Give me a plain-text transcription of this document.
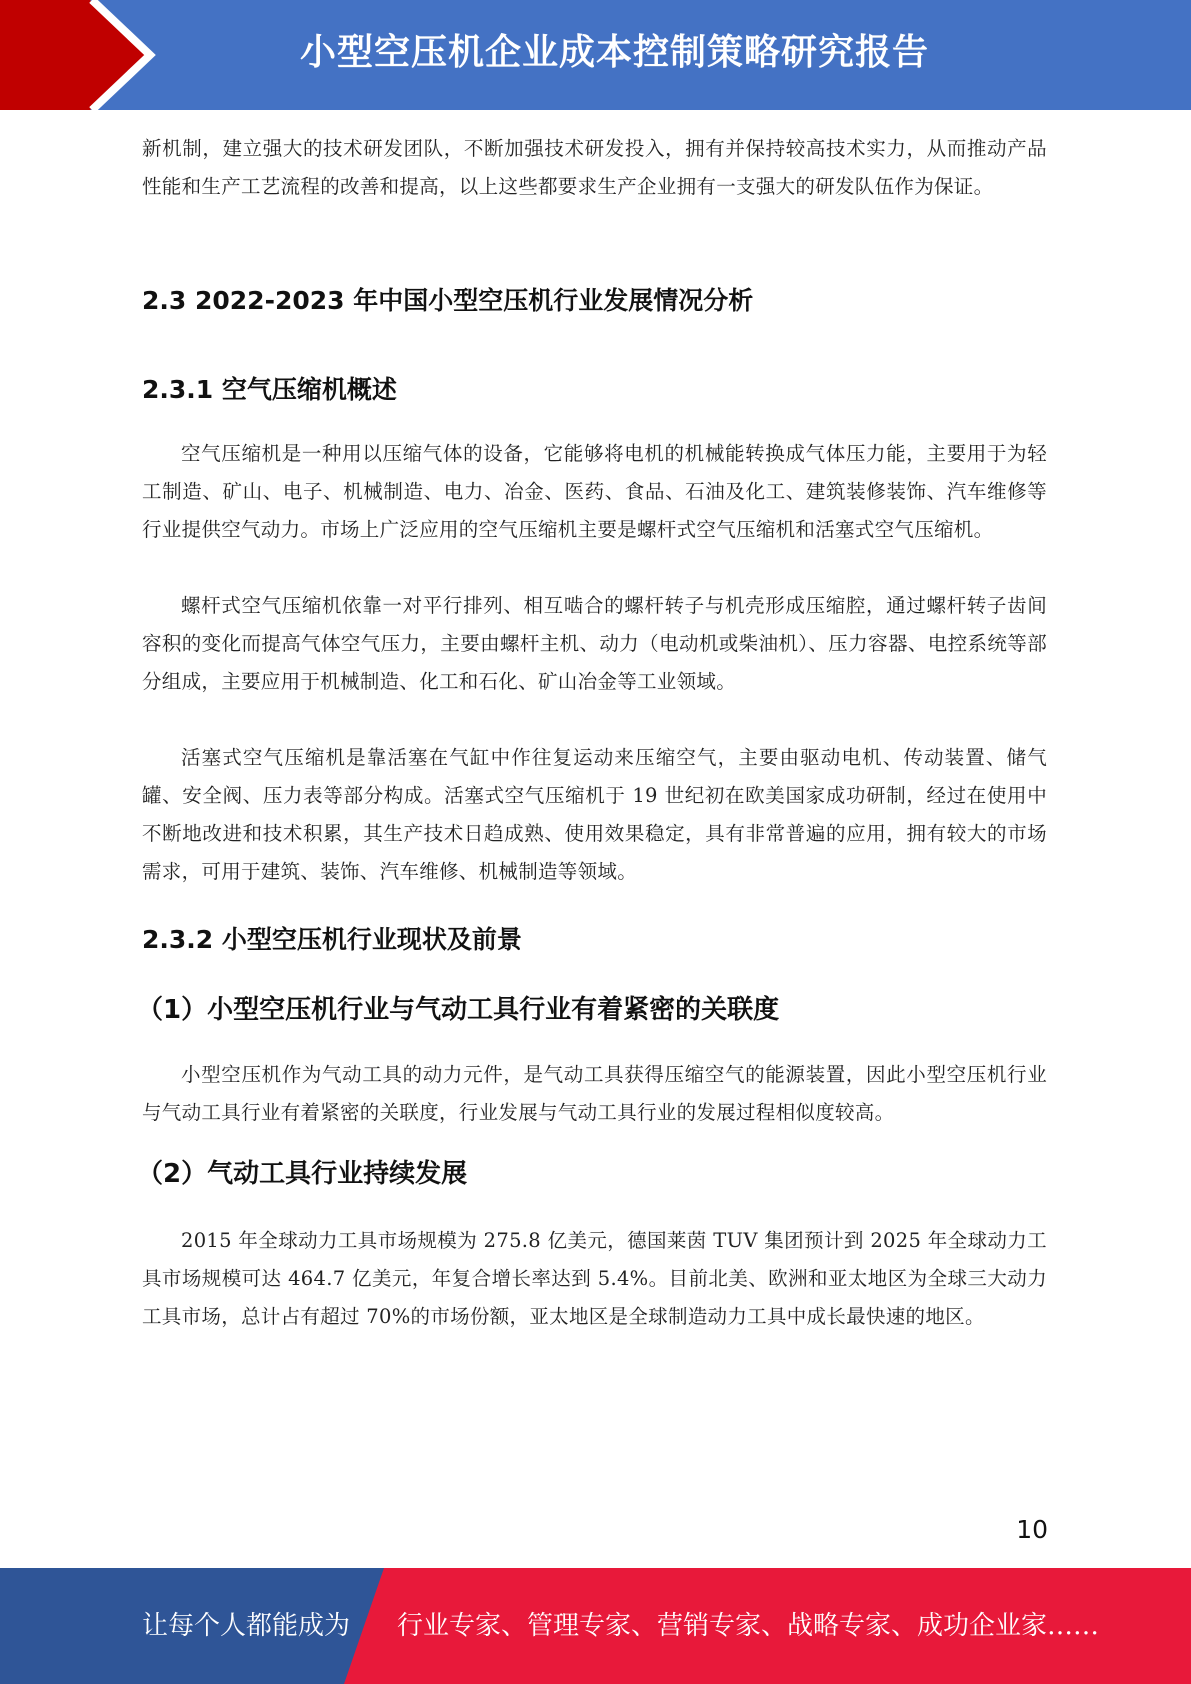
小型空压机企业成本控制策略研究报告

新机制，建立强大的技术研发团队，不断加强技术研发投入，拥有并保持较高技术实力，从而推动产品性能和生产工艺流程的改善和提高，以上这些都要求生产企业拥有一支强大的研发队伍作为保证。

2.3 2022-2023 年中国小型空压机行业发展情况分析
2.3.1 空气压缩机概述

空气压缩机是一种用以压缩气体的设备，它能够将电机的机械能转换成气体压力能，主要用于为轻工制造、矿山、电子、机械制造、电力、冶金、医药、食品、石油及化工、建筑装修装饰、汽车维修等行业提供空气动力。市场上广泛应用的空气压缩机主要是螺杆式空气压缩机和活塞式空气压缩机。

螺杆式空气压缩机依靠一对平行排列、相互啮合的螺杆转子与机壳形成压缩腔，通过螺杆转子齿间容积的变化而提高气体空气压力，主要由螺杆主机、动力（电动机或柴油机）、压力容器、电控系统等部分组成，主要应用于机械制造、化工和石化、矿山冶金等工业领域。

活塞式空气压缩机是靠活塞在气缸中作往复运动来压缩空气，主要由驱动电机、传动装置、储气罐、安全阀、压力表等部分构成。活塞式空气压缩机于 19 世纪初在欧美国家成功研制，经过在使用中不断地改进和技术积累，其生产技术日趋成熟、使用效果稳定，具有非常普遍的应用，拥有较大的市场需求，可用于建筑、装饰、汽车维修、机械制造等领域。

2.3.2 小型空压机行业现状及前景
（1）小型空压机行业与气动工具行业有着紧密的关联度

小型空压机作为气动工具的动力元件，是气动工具获得压缩空气的能源装置，因此小型空压机行业与气动工具行业有着紧密的关联度，行业发展与气动工具行业的发展过程相似度较高。

（2）气动工具行业持续发展

2015 年全球动力工具市场规模为 275.8 亿美元，德国莱茵 TUV 集团预计到 2025 年全球动力工具市场规模可达 464.7 亿美元，年复合增长率达到 5.4%。目前北美、欧洲和亚太地区为全球三大动力工具市场，总计占有超过 70%的市场份额，亚太地区是全球制造动力工具中成长最快速的地区。

10
让每个人都能成为 行业专家、管理专家、营销专家、战略专家、成功企业家……
